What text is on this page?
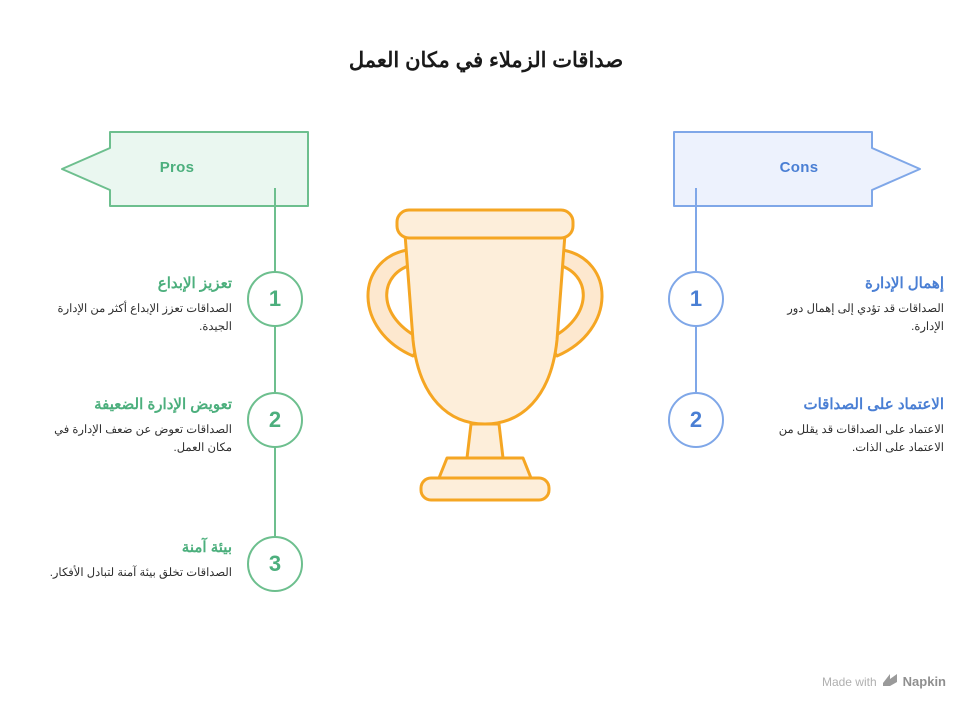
صداقات الزملاء في مكان العمل
Pros	Cons
1
تعزيز الإبداع
الصداقات تعزز الإبداع أكثر من الإدارة الجيدة.
2
تعويض الإدارة الضعيفة
الصداقات تعوض عن ضعف الإدارة في مكان العمل.
3
بيئة آمنة
الصداقات تخلق بيئة آمنة لتبادل الأفكار.
1
إهمال الإدارة
الصداقات قد تؤدي إلى إهمال دور الإدارة.
2
الاعتماد على الصداقات
الاعتماد على الصداقات قد يقلل من الاعتماد على الذات.
Made with Napkin
